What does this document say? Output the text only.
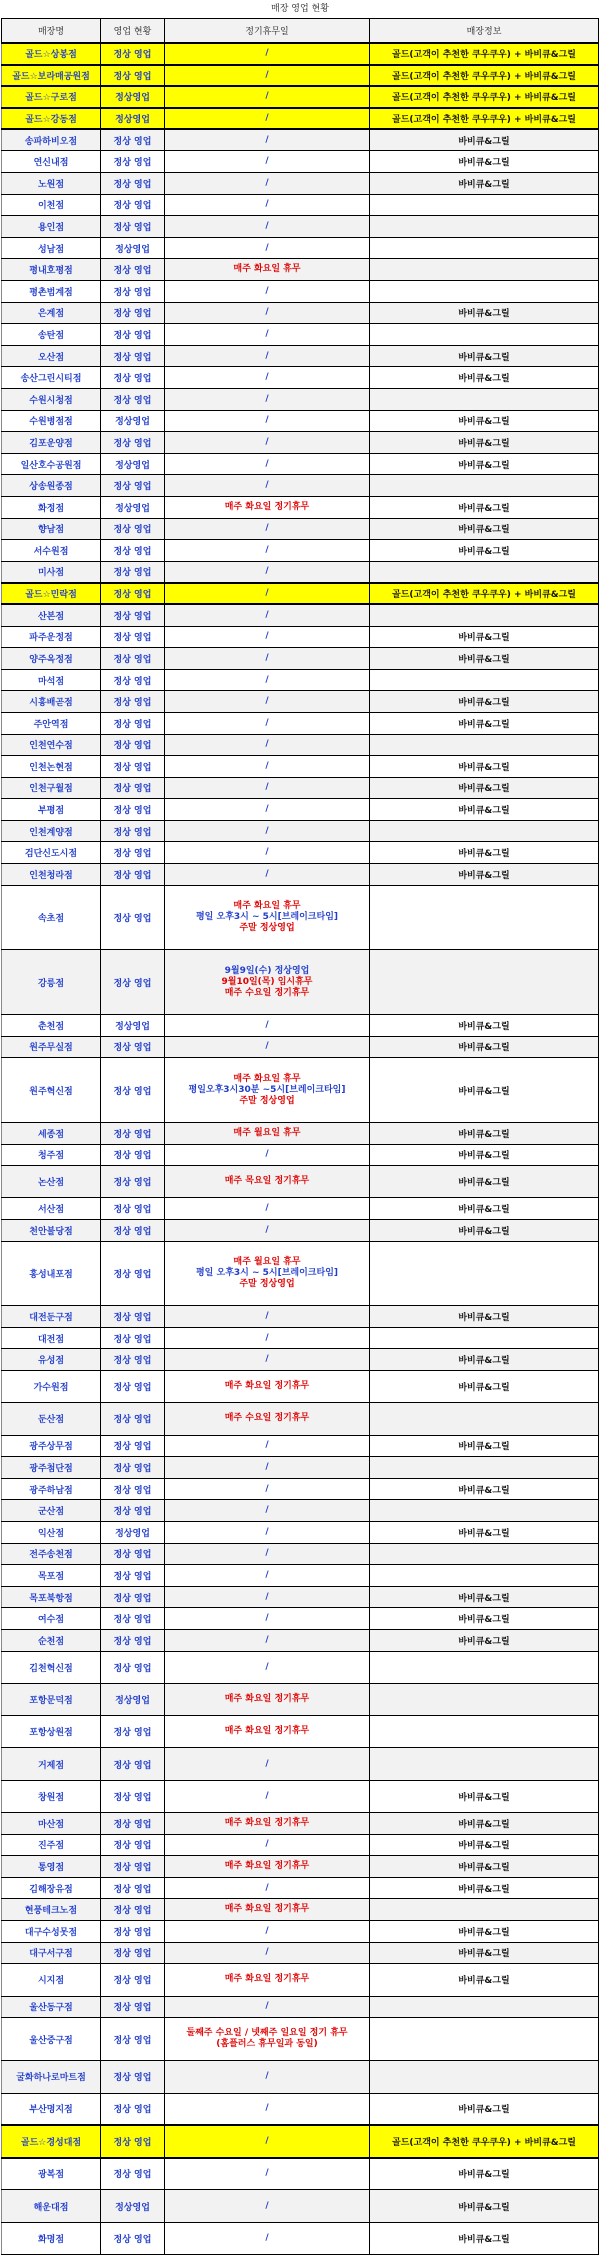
매장 영업 현황
매장명	영업 현황	정기휴무일	매장정보
골드☆상봉점	정상 영업	/	골드(고객이 추천한 쿠우쿠우) + 바비큐&그릴
골드☆보라매공원점	정상 영업	/	골드(고객이 추천한 쿠우쿠우) + 바비큐&그릴
골드☆구로점	정상영업	/	골드(고객이 추천한 쿠우쿠우) + 바비큐&그릴
골드☆강동점	정상영업	/	골드(고객이 추천한 쿠우쿠우) + 바비큐&그릴
송파하비오점	정상 영업	/	바비큐&그릴
연신내점	정상 영업	/	바비큐&그릴
노원점	정상 영업	/	바비큐&그릴
이천점	정상 영업	/	

용인점	정상 영업	/	

성남점	정상영업	/	

평내호평점	정상 영업	매주 화요일 휴무	

평촌범계점	정상 영업	/	

은계점	정상 영업	/	바비큐&그릴
송탄점	정상 영업	/	

오산점	정상 영업	/	바비큐&그릴
송산그린시티점	정상 영업	/	바비큐&그릴
수원시청점	정상 영업	/	

수원병점점	정상영업	/	바비큐&그릴
김포운양점	정상 영업	/	바비큐&그릴
일산호수공원점	정상영업	/	바비큐&그릴
상송원종점	정상 영업	/	

화정점	정상영업	매주 화요일 정기휴무	바비큐&그릴
향남점	정상 영업	/	바비큐&그릴
서수원점	정상 영업	/	바비큐&그릴
미사점	정상 영업	/	

골드☆민락점	정상 영업	/	골드(고객이 추천한 쿠우쿠우) + 바비큐&그릴
산본점	정상 영업	/	

파주운정점	정상 영업	/	바비큐&그릴
양주옥정점	정상 영업	/	바비큐&그릴
마석점	정상 영업	/	

시흥배곧점	정상 영업	/	바비큐&그릴
주안역점	정상 영업	/	바비큐&그릴
인천연수점	정상 영업	/	

인천논현점	정상 영업	/	바비큐&그릴
인천구월점	정상 영업	/	바비큐&그릴
부평점	정상 영업	/	바비큐&그릴
인천계양점	정상 영업	/	

검단신도시점	정상 영업	/	바비큐&그릴
인천청라점	정상 영업	/	바비큐&그릴
속초점	정상 영업	매주 화요일 휴무
평일 오후3시 ~ 5시[브레이크타임]
주말 정상영업	

강릉점	정상 영업	9월9일(수) 정상영업
9월10일(목) 임시휴무
매주 수요일 정기휴무	

춘천점	정상영업	/	바비큐&그릴
원주무실점	정상 영업	/	바비큐&그릴
원주혁신점	정상 영업	매주 화요일 휴무
평일오후3시30분 ~5시[브레이크타임]
주말 정상영업	바비큐&그릴
세종점	정상 영업	매주 월요일 휴무	바비큐&그릴
청주점	정상 영업	/	바비큐&그릴
논산점	정상 영업	매주 목요일 정기휴무	바비큐&그릴
서산점	정상 영업	/	바비큐&그릴
천안불당점	정상 영업	/	바비큐&그릴
홍성내포점	정상 영업	매주 월요일 휴무
평일 오후3시 ~ 5시[브레이크타임]
주말 정상영업	

대전둔구점	정상 영업	/	바비큐&그릴
대전점	정상 영업	/	

유성점	정상 영업	/	바비큐&그릴
가수원점	정상 영업	매주 화요일 정기휴무	바비큐&그릴
둔산점	정상 영업	매주 수요일 정기휴무	

광주상무점	정상 영업	/	바비큐&그릴
광주첨단점	정상 영업	/	

광주하남점	정상 영업	/	바비큐&그릴
군산점	정상 영업	/	

익산점	정상영업	/	바비큐&그릴
전주송천점	정상 영업	/	

목포점	정상 영업	/	

목포북항점	정상 영업	/	바비큐&그릴
여수점	정상 영업	/	바비큐&그릴
순천점	정상 영업	/	바비큐&그릴
김천혁신점	정상 영업	/	

포항문덕점	정상영업	매주 화요일 정기휴무	

포항상원점	정상 영업	매주 화요일 정기휴무	

거제점	정상 영업	/	

창원점	정상 영업	/	바비큐&그릴
마산점	정상 영업	매주 화요일 정기휴무	바비큐&그릴
진주점	정상 영업	/	바비큐&그릴
통영점	정상 영업	매주 화요일 정기휴무	바비큐&그릴
김해장유점	정상 영업	/	바비큐&그릴
현풍테크노점	정상 영업	매주 화요일 정기휴무	

대구수성못점	정상 영업	/	바비큐&그릴
대구서구점	정상 영업	/	바비큐&그릴
시지점	정상 영업	매주 화요일 정기휴무	바비큐&그릴
울산동구점	정상 영업	/	

울산중구점	정상 영업	둘째주 수요일 / 넷째주 일요일 정기 휴무
(홈플러스 휴무일과 동일)	

굴화하나로마트점	정상 영업	/	

부산명지점	정상 영업	/	바비큐&그릴
골드☆경성대점	정상 영업	/	골드(고객이 추천한 쿠우쿠우) + 바비큐&그릴
광복점	정상 영업	/	바비큐&그릴
해운대점	정상영업	/	바비큐&그릴
화명점	정상 영업	/	바비큐&그릴
